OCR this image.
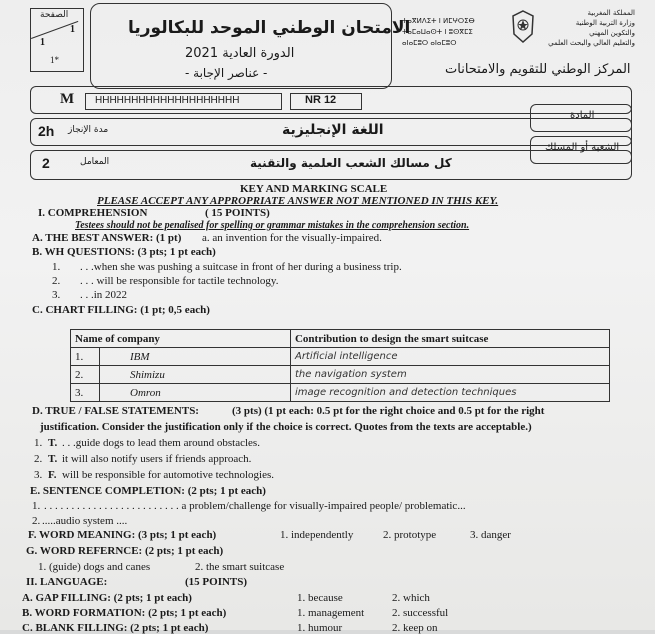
الصفحة
1
1
1*
الامتحان الوطني الموحد للبكالوريا
الدورة العادية 2021
- عناصر الإجابة -
ⵜⴰⴳⵍⴷⵉⵜ ⵏ ⵍⵎⵖⵔⵉⴱ
ⵜⴰⵎⴰⵡⴰⵙⵜ ⵏ ⵓⵙⴳⵎⵉ
ⴰⵏⴰⵎⵓⵔ ⴰⵏⴰⵎⵓⵔ
المملكة المغربية
وزارة التربية الوطنية
والتكوين المهني
والتعليم العالي والبحث العلمي
المركز الوطني للتقويم والامتحانات
M HHHHHHHHHHHHHHHHHHHH	NR 12
2h مدة الإنجاز	اللغة الإنجليزية
المادة
2	المعامل	كل مسالك الشعب العلمية والتقنية
الشعبة أو المسلك
KEY AND MARKING SCALE
PLEASE ACCEPT ANY APPROPRIATE ANSWER NOT MENTIONED IN THIS KEY.
I. COMPREHENSION	( 15 POINTS)
Testees should not be penalised for spelling or grammar mistakes in the comprehension section.
A. THE BEST ANSWER: (1 pt) a. an invention for the visually-impaired.
B. WH QUESTIONS: (3 pts; 1 pt each)
1. . . .when she was pushing a suitcase in front of her during a business trip.
2. . . . will be responsible for tactile technology.
3. . . .in 2022
C. CHART FILLING: (1 pt; 0,5 each)
Name of company		Contribution to design the smart suitcase
1.	IBM	Artificial intelligence
2.	Shimizu	the navigation system
3.	Omron	image recognition and detection techniques
D. TRUE / FALSE STATEMENTS:	(3 pts) (1 pt each: 0.5 pt for the right choice and 0.5 pt for the right
justification. Consider the justification only if the choice is correct. Quotes from the texts are acceptable.)
1. T. . . .guide dogs to lead them around obstacles.
2. T. it will also notify users if friends approach.
3. F. will be responsible for automotive technologies.
E. SENTENCE COMPLETION: (2 pts; 1 pt each)
1. . . . . . . . . . . . . . . . . . . . . . . . . . a problem/challenge for visually-impaired people/ problematic...
2. .....audio system ....
F. WORD MEANING: (3 pts; 1 pt each)	1. independently	2. prototype	3. danger
G. WORD REFERNCE: (2 pts; 1 pt each)
1. (guide) dogs and canes	2. the smart suitcase
II. LANGUAGE:	(15 POINTS)
A. GAP FILLING: (2 pts; 1 pt each)	1. because	2. which
B. WORD FORMATION: (2 pts; 1 pt each)	1. management	2. successful
C. BLANK FILLING: (2 pts; 1 pt each)	1. humour	2. keep on
